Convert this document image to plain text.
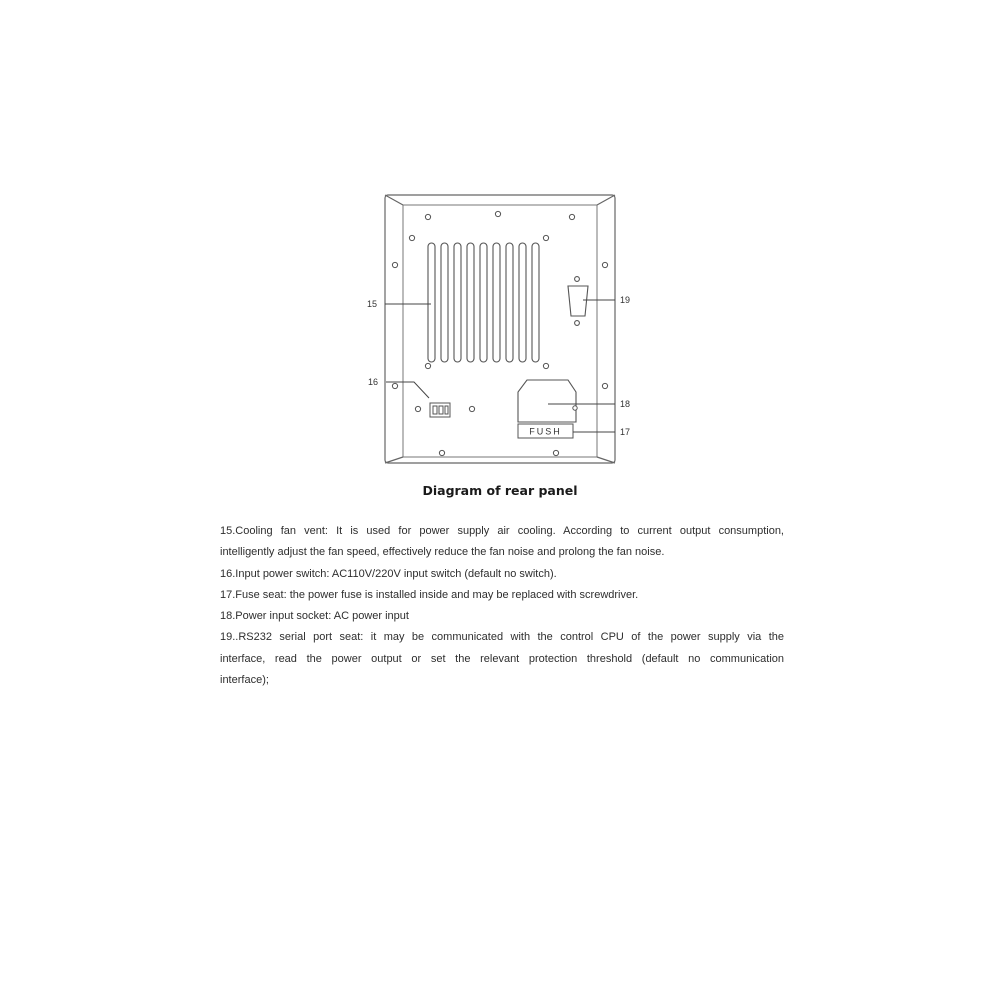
FUSH
15
16
17
18
19
Diagram of rear panel

15.Cooling fan vent: It is used for power supply air cooling. According to current output consumption,

intelligently adjust the fan speed, effectively reduce the fan noise and prolong the fan noise.

16.Input power switch: AC110V/220V input switch (default no switch).

17.Fuse seat: the power fuse is installed inside and may be replaced with screwdriver.

18.Power input socket: AC power input

19..RS232 serial port seat: it may be communicated with the control CPU of the power supply via the

interface, read the power output or set the relevant protection threshold (default no communication

interface);
